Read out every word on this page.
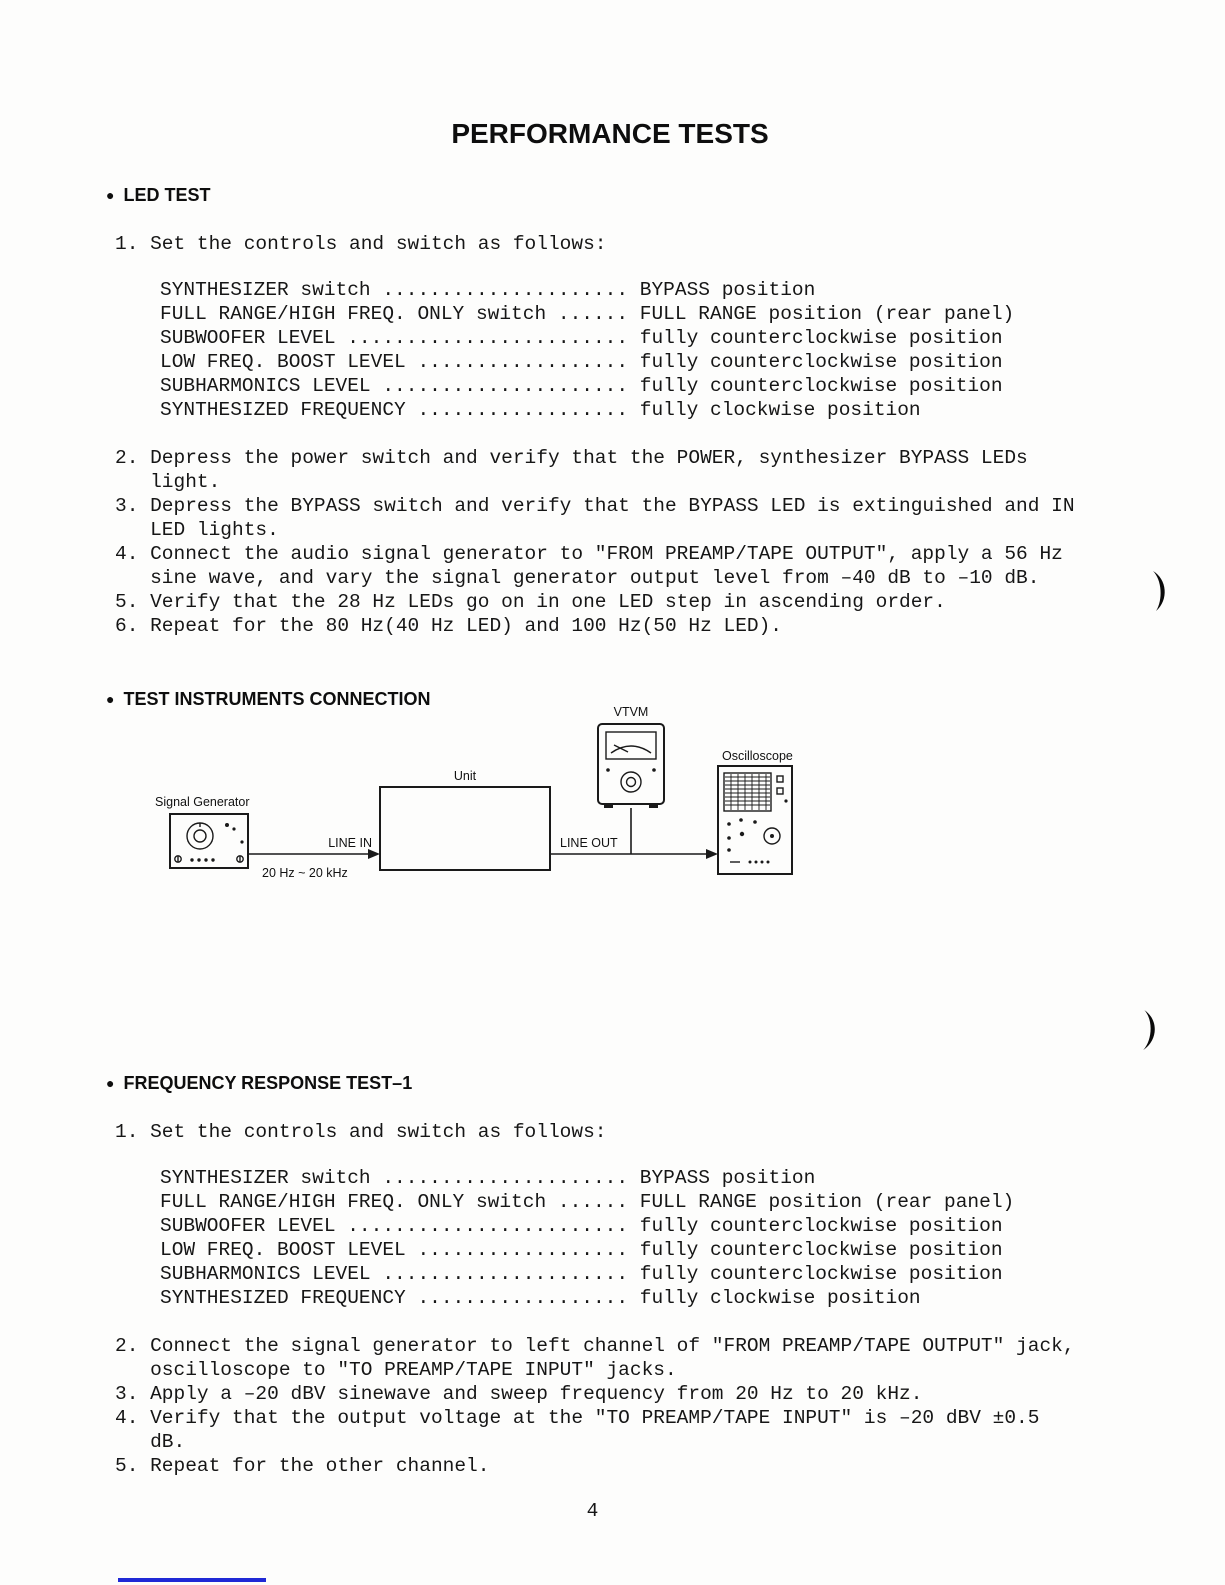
PERFORMANCE TESTS
● LED TEST
1. Set the controls and switch as follows:
SYNTHESIZER switch ..................... BYPASS position
FULL RANGE/HIGH FREQ. ONLY switch ...... FULL RANGE position (rear panel)
SUBWOOFER LEVEL ........................ fully counterclockwise position
LOW FREQ. BOOST LEVEL .................. fully counterclockwise position
SUBHARMONICS LEVEL ..................... fully counterclockwise position
SYNTHESIZED FREQUENCY .................. fully clockwise position
2. Depress the power switch and verify that the POWER, synthesizer BYPASS LEDs light.
3. Depress the BYPASS switch and verify that the BYPASS LED is extinguished and IN LED lights.
4. Connect the audio signal generator to "FROM PREAMP/TAPE OUTPUT", apply a 56 Hz sine wave, and vary the signal generator output level from –40 dB to –10 dB.
5. Verify that the 28 Hz LEDs go on in one LED step in ascending order.
6. Repeat for the 80 Hz(40 Hz LED) and 100 Hz(50 Hz LED).
● TEST INSTRUMENTS CONNECTION
Signal Generator
LINE IN
20 Hz ~ 20 kHz
Unit
LINE OUT
VTVM
Oscilloscope
● FREQUENCY RESPONSE TEST–1
1. Set the controls and switch as follows:
SYNTHESIZER switch ..................... BYPASS position
FULL RANGE/HIGH FREQ. ONLY switch ...... FULL RANGE position (rear panel)
SUBWOOFER LEVEL ........................ fully counterclockwise position
LOW FREQ. BOOST LEVEL .................. fully counterclockwise position
SUBHARMONICS LEVEL ..................... fully counterclockwise position
SYNTHESIZED FREQUENCY .................. fully clockwise position
2. Connect the signal generator to left channel of "FROM PREAMP/TAPE OUTPUT" jack, oscilloscope to "TO PREAMP/TAPE INPUT" jacks.
3. Apply a –20 dBV sinewave and sweep frequency from 20 Hz to 20 kHz.
4. Verify that the output voltage at the "TO PREAMP/TAPE INPUT" is –20 dBV ±0.5 dB.
5. Repeat for the other channel.
4
